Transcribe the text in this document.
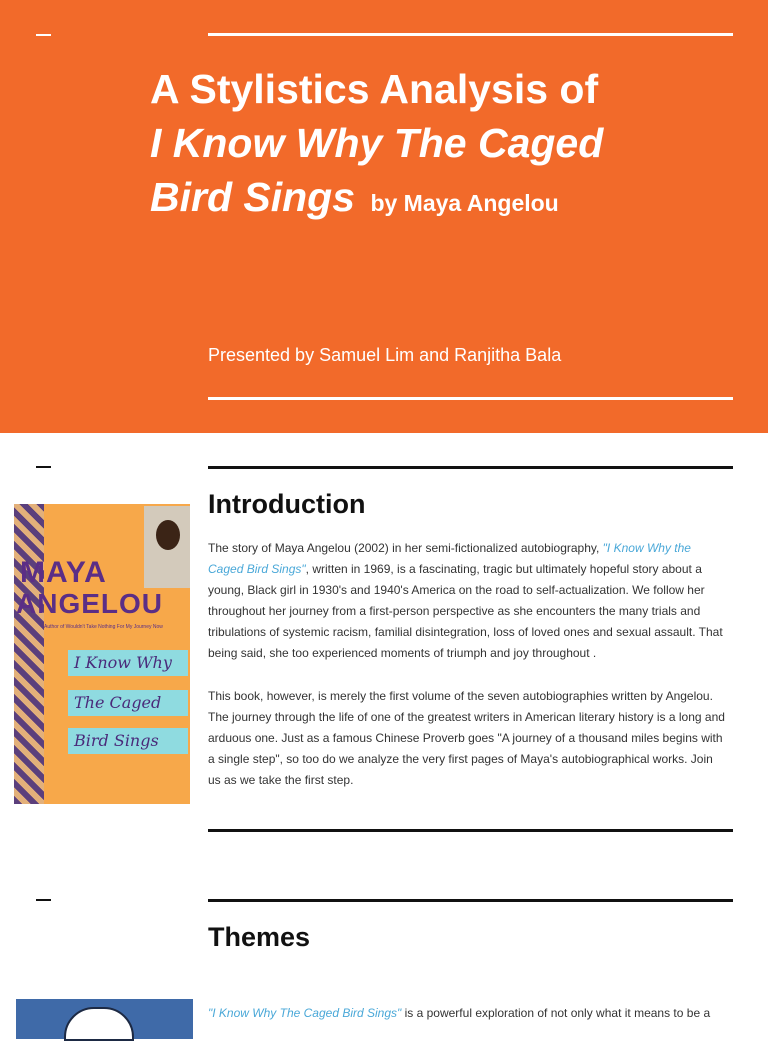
A Stylistics Analysis of
I Know Why The Caged
Bird Sings by Maya Angelou
Presented by Samuel Lim and Ranjitha Bala
MAYA
ANGELOU
Author of Wouldn't Take Nothing For My Journey Now
I Know Why
The Caged
Bird Sings
Introduction

The story of Maya Angelou (2002) in her semi-fictionalized autobiography, "I Know Why the Caged Bird Sings", written in 1969, is a fascinating, tragic but ultimately hopeful story about a young, Black girl in 1930's and 1940's America on the road to self-actualization. We follow her throughout her journey from a first-person perspective as she encounters the many trials and tribulations of systemic racism, familial disintegration, loss of loved ones and sexual assault. That being said, she too experienced moments of triumph and joy throughout .

This book, however, is merely the first volume of the seven autobiographies written by Angelou. The journey through the life of one of the greatest writers in American literary history is a long and arduous one. Just as a famous Chinese Proverb goes "A journey of a thousand miles begins with a single step", so too do we analyze the very first pages of Maya's autobiographical works. Join us as we take the first step.

Themes

"I Know Why The Caged Bird Sings" is a powerful exploration of not only what it means to be a
